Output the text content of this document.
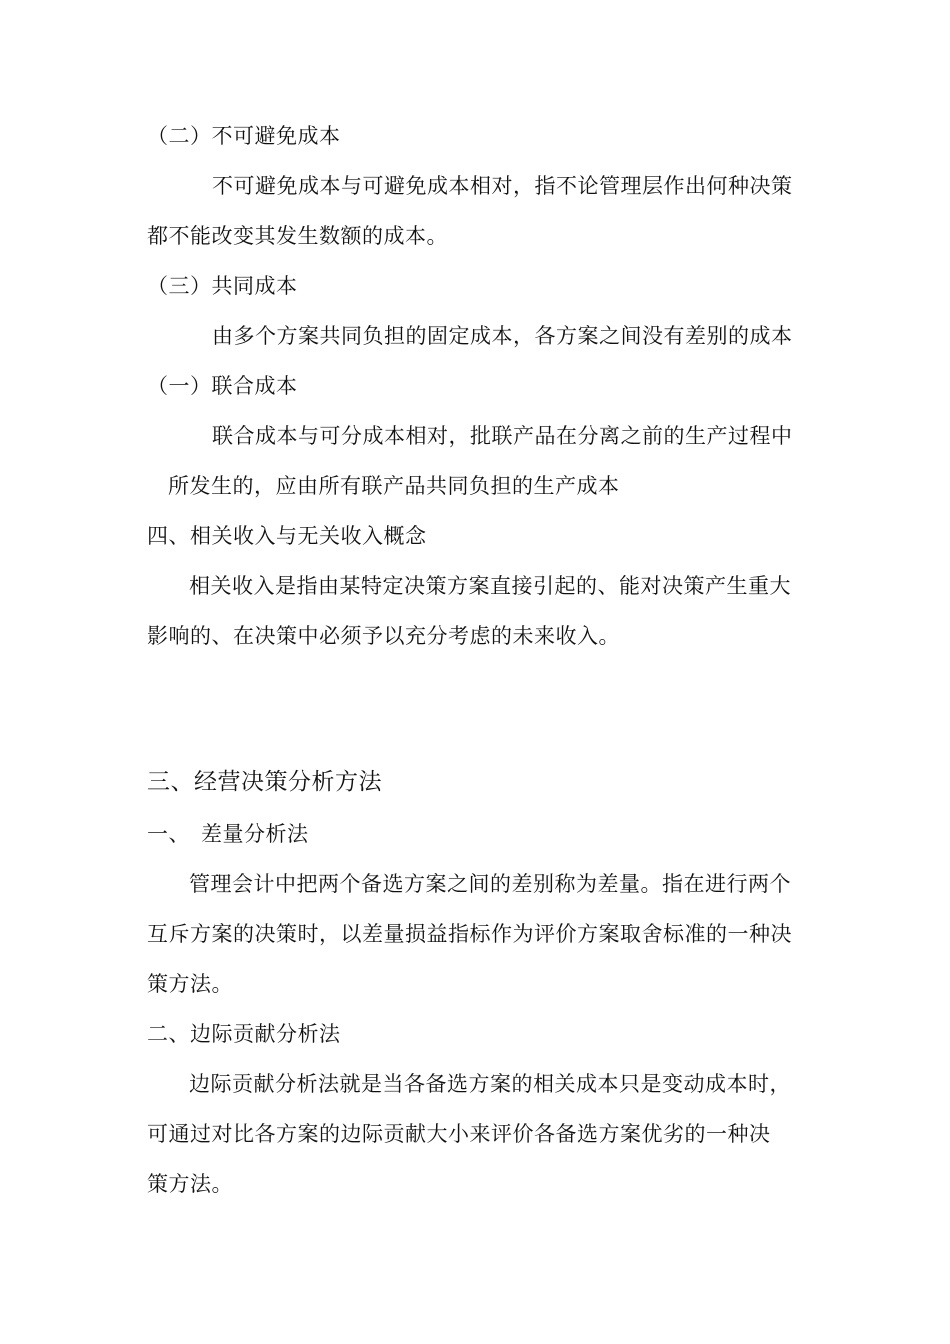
（二）不可避免成本
不可避免成本与可避免成本相对，指不论管理层作出何种决策
都不能改变其发生数额的成本。
（三）共同成本
由多个方案共同负担的固定成本，各方案之间没有差别的成本
（一）联合成本
联合成本与可分成本相对，批联产品在分离之前的生产过程中
所发生的，应由所有联产品共同负担的生产成本
四、相关收入与无关收入概念
相关收入是指由某特定决策方案直接引起的、能对决策产生重大
影响的、在决策中必须予以充分考虑的未来收入。
三、经营决策分析方法
一、　差量分析法
管理会计中把两个备选方案之间的差别称为差量。指在进行两个
互斥方案的决策时，以差量损益指标作为评价方案取舍标准的一种决
策方法。
二、边际贡献分析法
边际贡献分析法就是当各备选方案的相关成本只是变动成本时，
可通过对比各方案的边际贡献大小来评价各备选方案优劣的一种决
策方法。
